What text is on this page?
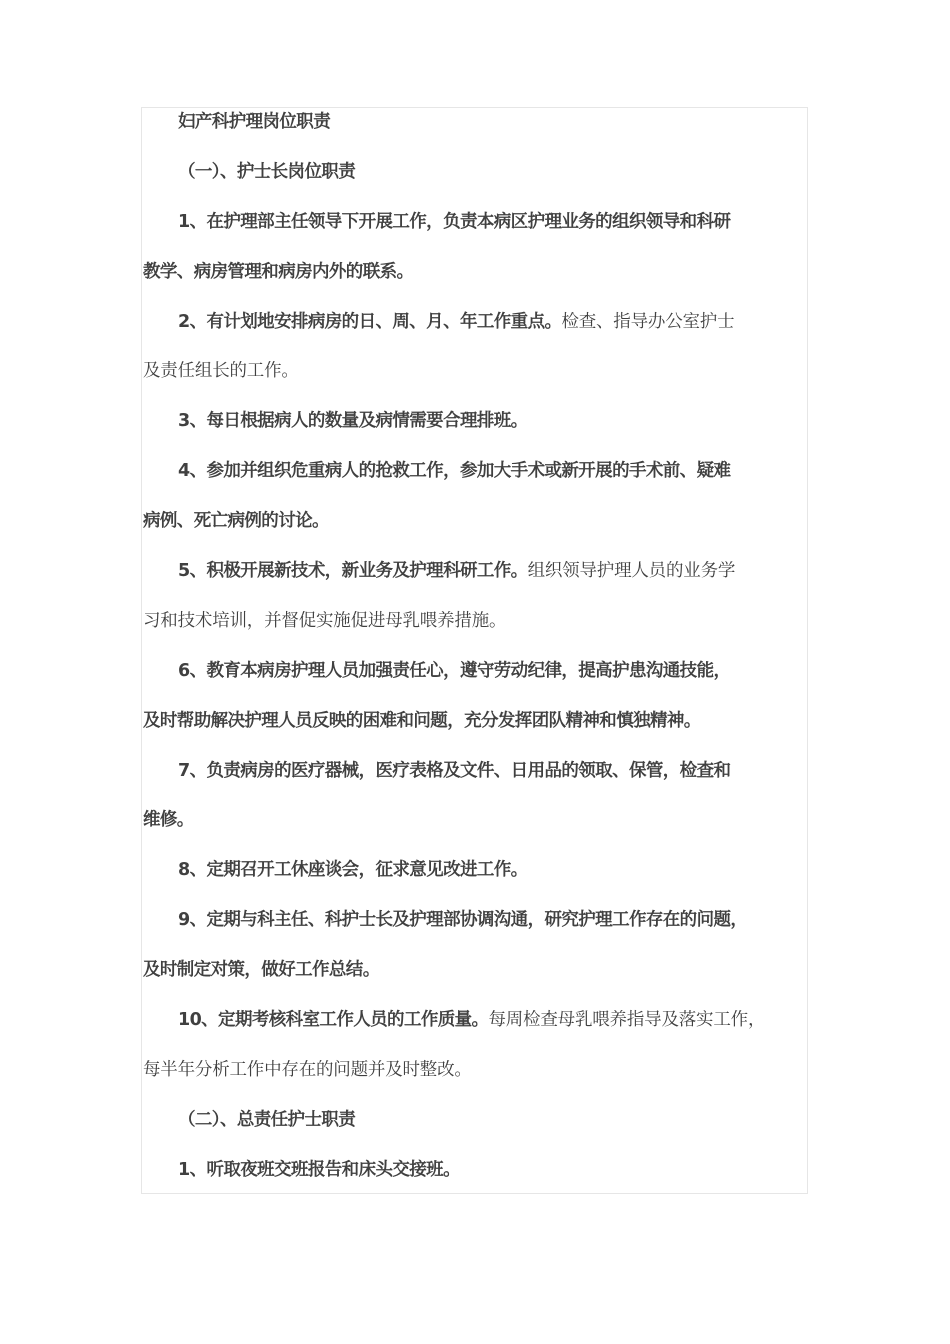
妇产科护理岗位职责
（一）、护士长岗位职责
1、在护理部主任领导下开展工作，负责本病区护理业务的组织领导和科研
教学、病房管理和病房内外的联系。
2、有计划地安排病房的日、周、月、年工作重点。检查、指导办公室护士
及责任组长的工作。
3、每日根据病人的数量及病情需要合理排班。
4、参加并组织危重病人的抢救工作，参加大手术或新开展的手术前、疑难
病例、死亡病例的讨论。
5、积极开展新技术，新业务及护理科研工作。组织领导护理人员的业务学
习和技术培训，并督促实施促进母乳喂养措施。
6、教育本病房护理人员加强责任心，遵守劳动纪律，提高护患沟通技能，
及时帮助解决护理人员反映的困难和问题，充分发挥团队精神和慎独精神。
7、负责病房的医疗器械，医疗表格及文件、日用品的领取、保管，检查和
维修。
8、定期召开工休座谈会，征求意见改进工作。
9、定期与科主任、科护士长及护理部协调沟通，研究护理工作存在的问题，
及时制定对策，做好工作总结。
10、定期考核科室工作人员的工作质量。每周检查母乳喂养指导及落实工作，
每半年分析工作中存在的问题并及时整改。
（二）、总责任护士职责
1、听取夜班交班报告和床头交接班。
